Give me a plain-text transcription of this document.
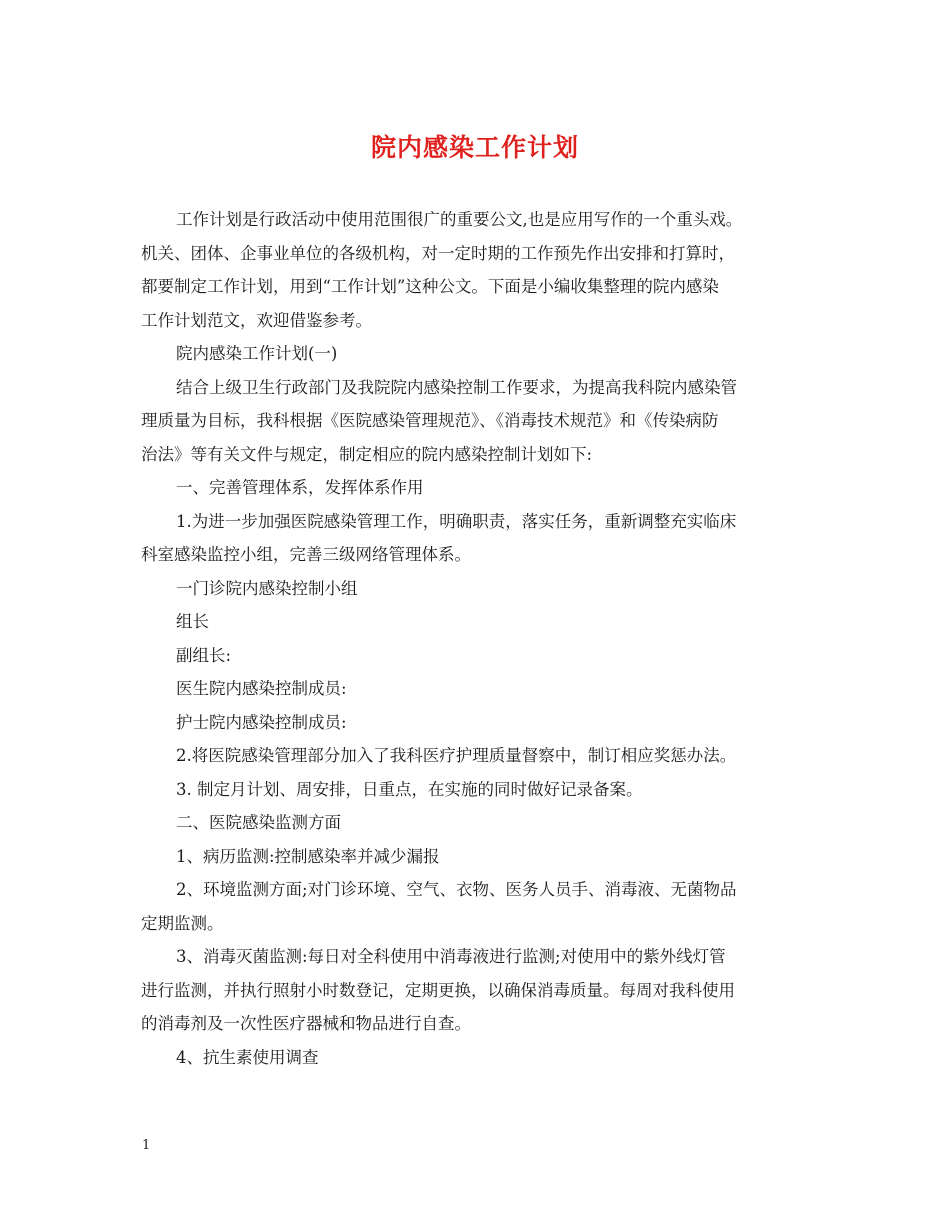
院内感染工作计划

工作计划是行政活动中使用范围很广的重要公文,也是应用写作的一个重头戏。

机关、团体、企事业单位的各级机构，对一定时期的工作预先作出安排和打算时，

都要制定工作计划，用到“工作计划”这种公文。下面是小编收集整理的院内感染

工作计划范文，欢迎借鉴参考。

院内感染工作计划(一)

结合上级卫生行政部门及我院院内感染控制工作要求，为提高我科院内感染管

理质量为目标，我科根据《医院感染管理规范》、《消毒技术规范》和《传染病防

治法》等有关文件与规定，制定相应的院内感染控制计划如下:

一、完善管理体系，发挥体系作用

1.为进一步加强医院感染管理工作，明确职责，落实任务，重新调整充实临床

科室感染监控小组，完善三级网络管理体系。

一门诊院内感染控制小组

组长

副组长:

医生院内感染控制成员:

护士院内感染控制成员:

2.将医院感染管理部分加入了我科医疗护理质量督察中，制订相应奖惩办法。

3. 制定月计划、周安排，日重点，在实施的同时做好记录备案。

二、医院感染监测方面

1、病历监测:控制感染率并减少漏报

2、环境监测方面;对门诊环境、空气、衣物、医务人员手、消毒液、无菌物品

定期监测。

3、消毒灭菌监测:每日对全科使用中消毒液进行监测;对使用中的紫外线灯管

进行监测，并执行照射小时数登记，定期更换，以确保消毒质量。每周对我科使用

的消毒剂及一次性医疗器械和物品进行自查。

4、抗生素使用调查

1
